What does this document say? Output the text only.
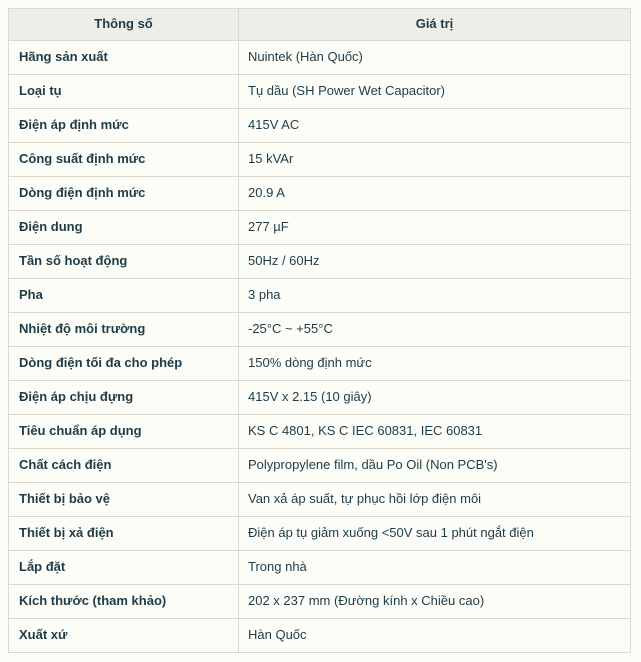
Thông số	Giá trị
Hãng sản xuất	Nuintek (Hàn Quốc)
Loại tụ	Tụ dầu (SH Power Wet Capacitor)
Điện áp định mức	415V AC
Công suất định mức	15 kVAr
Dòng điện định mức	20.9 A
Điện dung	277 µF
Tần số hoạt động	50Hz / 60Hz
Pha	3 pha
Nhiệt độ môi trường	-25°C ~ +55°C
Dòng điện tối đa cho phép	150% dòng định mức
Điện áp chịu đựng	415V x 2.15 (10 giây)
Tiêu chuẩn áp dụng	KS C 4801, KS C IEC 60831, IEC 60831
Chất cách điện	Polypropylene film, dầu Po Oil (Non PCB's)
Thiết bị bảo vệ	Van xả áp suất, tự phục hồi lớp điện môi
Thiết bị xả điện	Điện áp tụ giảm xuống <50V sau 1 phút ngắt điện
Lắp đặt	Trong nhà
Kích thước (tham khảo)	202 x 237 mm (Đường kính x Chiều cao)
Xuất xứ	Hàn Quốc
